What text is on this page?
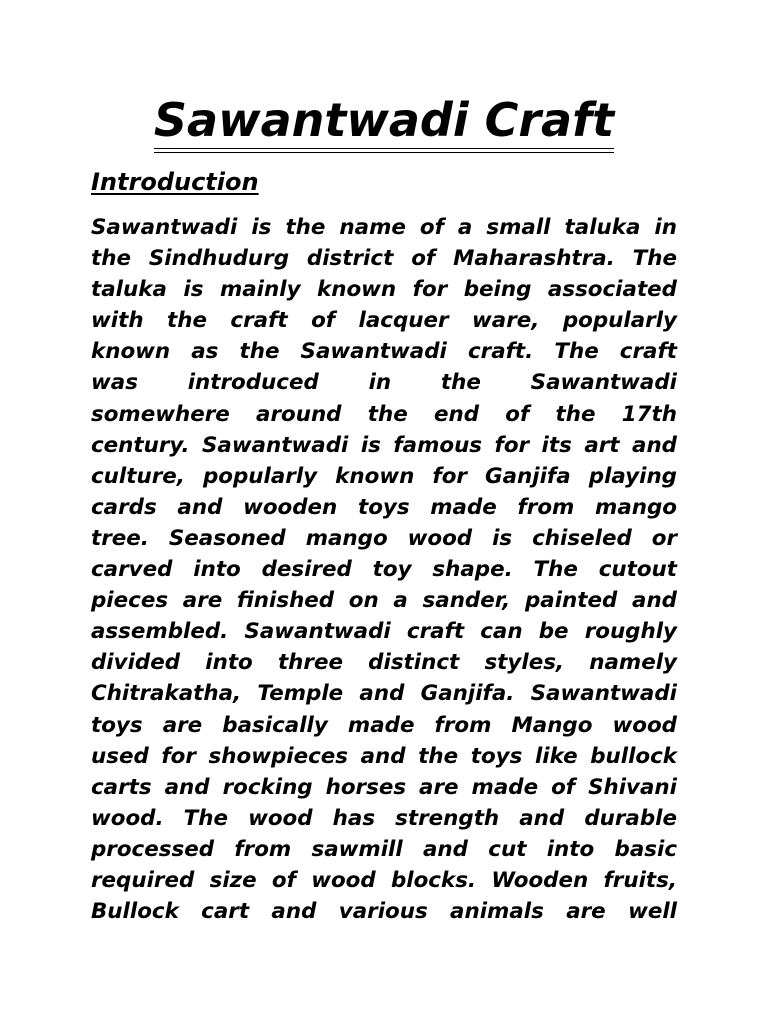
Sawantwadi Craft
Introduction
Sawantwadi is the name of a small taluka in
the Sindhudurg district of Maharashtra. The
taluka is mainly known for being associated
with the craft of lacquer ware, popularly
known as the Sawantwadi craft. The craft
was introduced in the Sawantwadi
somewhere around the end of the 17th
century. Sawantwadi is famous for its art and
culture, popularly known for Ganjifa playing
cards and wooden toys made from mango
tree. Seasoned mango wood is chiseled or
carved into desired toy shape. The cutout
pieces are finished on a sander, painted and
assembled. Sawantwadi craft can be roughly
divided into three distinct styles, namely
Chitrakatha, Temple and Ganjifa. Sawantwadi
toys are basically made from Mango wood
used for showpieces and the toys like bullock
carts and rocking horses are made of Shivani
wood. The wood has strength and durable
processed from sawmill and cut into basic
required size of wood blocks. Wooden fruits,
Bullock cart and various animals are well
